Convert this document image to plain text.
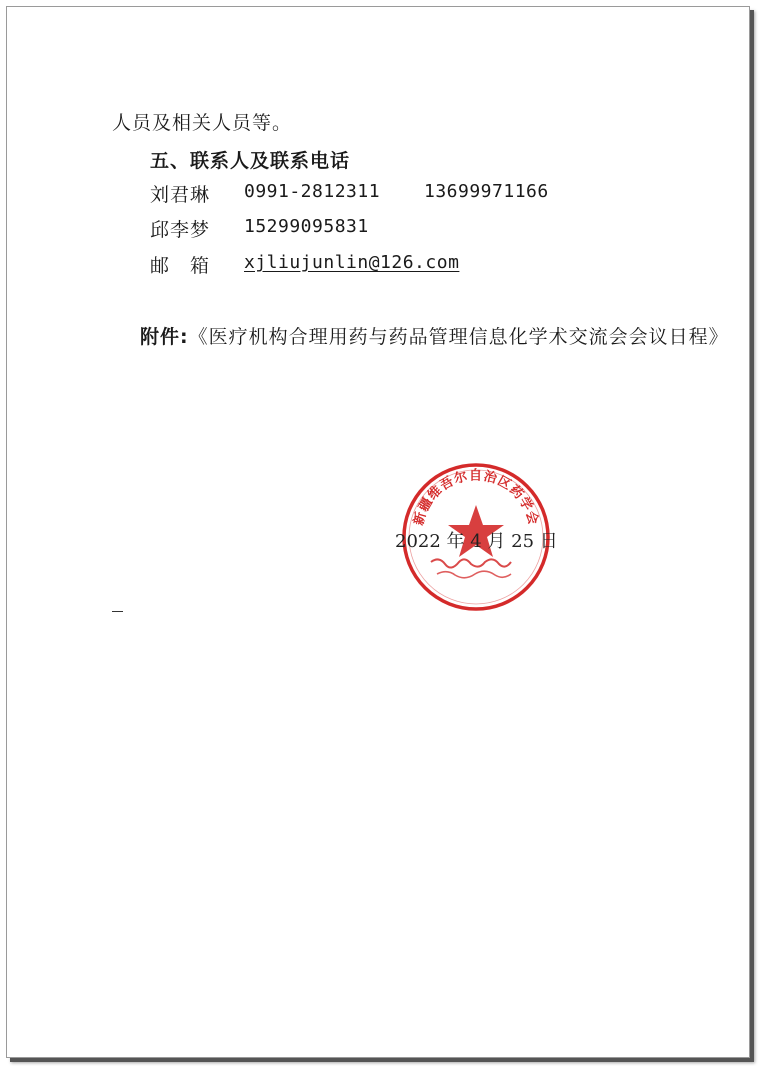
人员及相关人员等。
五、联系人及联系电话
刘君琳 0991-2812311 13699971166
邱李梦 15299095831
邮　箱 xjliujunlin@126.com
附件:《医疗机构合理用药与药品管理信息化学术交流会会议日程》
新疆维吾尔自治区药学会
2022 年 4 月 25 日
